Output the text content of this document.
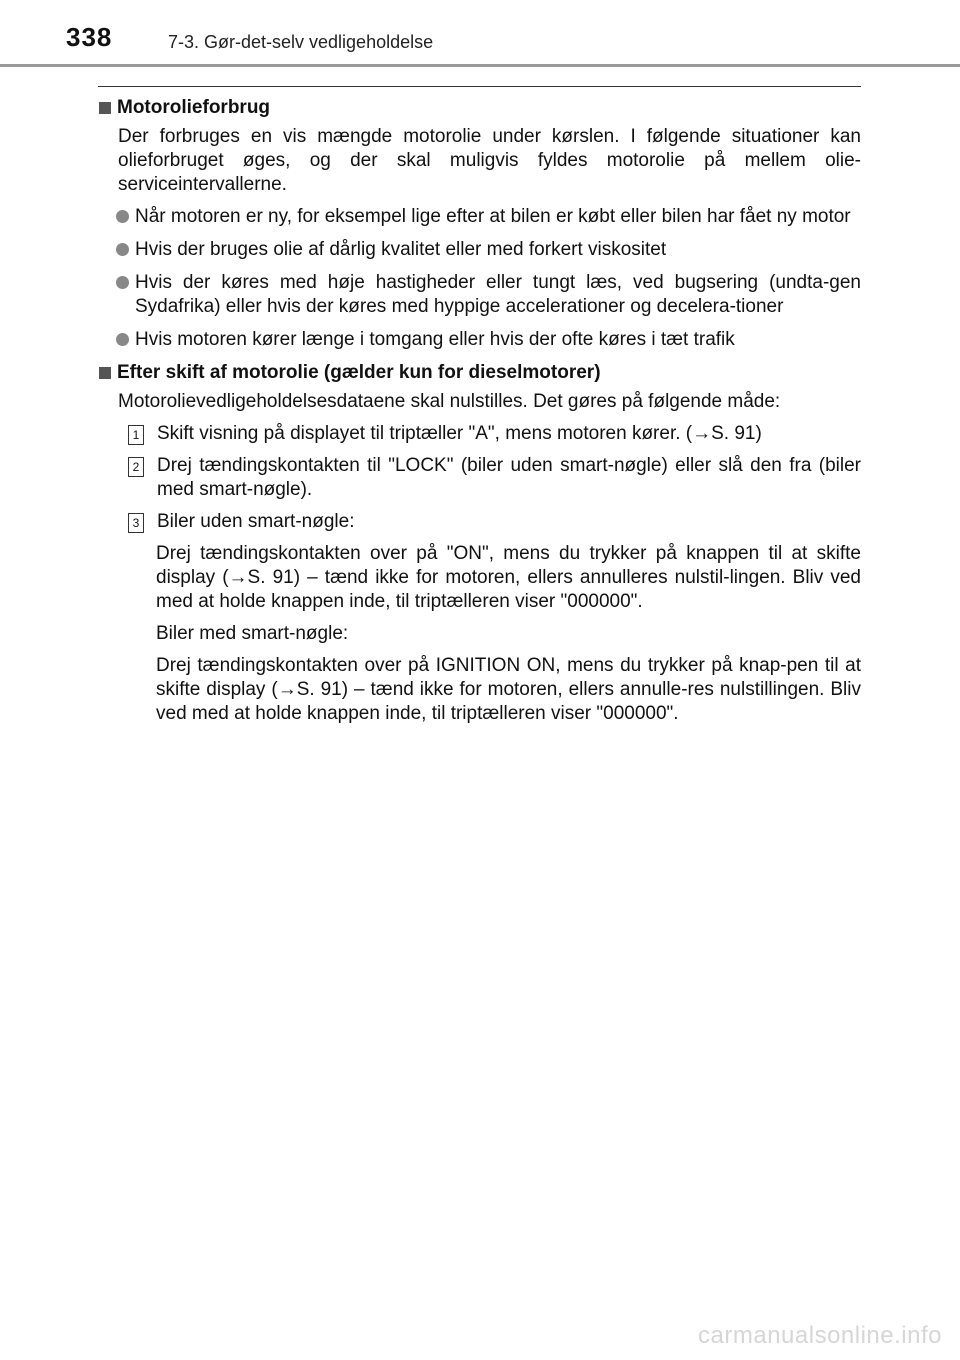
338	7-3. Gør-det-selv vedligeholdelse
Motorolieforbrug

Der forbruges en vis mængde motorolie under kørslen. I følgende situationer kan olieforbruget øges, og der skal muligvis fyldes motorolie på mellem olie-serviceintervallerne.

Når motoren er ny, for eksempel lige efter at bilen er købt eller bilen har fået ny motor
Hvis der bruges olie af dårlig kvalitet eller med forkert viskositet
Hvis der køres med høje hastigheder eller tungt læs, ved bugsering (undta-gen Sydafrika) eller hvis der køres med hyppige accelerationer og decelera-tioner
Hvis motoren kører længe i tomgang eller hvis der ofte køres i tæt trafik
Efter skift af motorolie (gælder kun for dieselmotorer)

Motorolievedligeholdelsesdataene skal nulstilles. Det gøres på følgende måde:

1 Skift visning på displayet til triptæller "A", mens motoren kører. (→S. 91)
2 Drej tændingskontakten til "LOCK" (biler uden smart-nøgle) eller slå den fra (biler med smart-nøgle).
3 Biler uden smart-nøgle:

Drej tændingskontakten over på "ON", mens du trykker på knappen til at skifte display (→S. 91) – tænd ikke for motoren, ellers annulleres nulstil-lingen. Bliv ved med at holde knappen inde, til triptælleren viser "000000".

Biler med smart-nøgle:

Drej tændingskontakten over på IGNITION ON, mens du trykker på knap-pen til at skifte display (→S. 91) – tænd ikke for motoren, ellers annulle-res nulstillingen. Bliv ved med at holde knappen inde, til triptælleren viser "000000".

carmanualsonline.info
